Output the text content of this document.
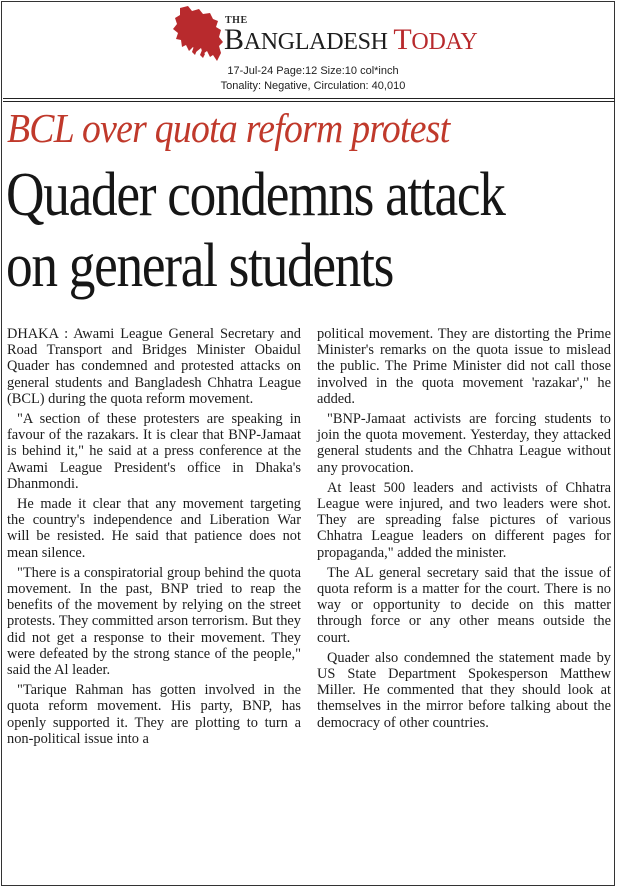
THE
BANGLADESH TODAY
17-Jul-24 Page:12 Size:10 col*inch
Tonality: Negative, Circulation: 40,010
BCL over quota reform protest
Quader condemns attack
on general students

DHAKA : Awami League General Secretary and Road Transport and Bridges Minister Obaidul Quader has condemned and protested attacks on general students and Bangladesh Chhatra League (BCL) during the quota reform movement.

"A section of these protesters are speaking in favour of the razakars. It is clear that BNP-Jamaat is behind it," he said at a press conference at the Awami League President's office in Dhaka's Dhanmondi.

He made it clear that any movement targeting the country's independence and Liberation War will be resisted. He said that patience does not mean silence.

"There is a conspiratorial group behind the quota movement. In the past, BNP tried to reap the benefits of the movement by relying on the street protests. They committed arson terrorism. But they did not get a response to their movement. They were defeated by the strong stance of the people," said the Al leader.

"Tarique Rahman has gotten involved in the quota reform movement. His party, BNP, has openly supported it. They are plotting to turn a non-political issue into a

political movement. They are distorting the Prime Minister's remarks on the quota issue to mislead the public. The Prime Minister did not call those involved in the quota movement 'razakar'," he added.

"BNP-Jamaat activists are forcing students to join the quota movement. Yesterday, they attacked general students and the Chhatra League without any provocation.

At least 500 leaders and activists of Chhatra League were injured, and two leaders were shot. They are spreading false pictures of various Chhatra League leaders on different pages for propaganda," added the minister.

The AL general secretary said that the issue of quota reform is a matter for the court. There is no way or opportunity to decide on this matter through force or any other means outside the court.

Quader also condemned the statement made by US State Department Spokesperson Matthew Miller. He commented that they should look at themselves in the mirror before talking about the democracy of other countries.
